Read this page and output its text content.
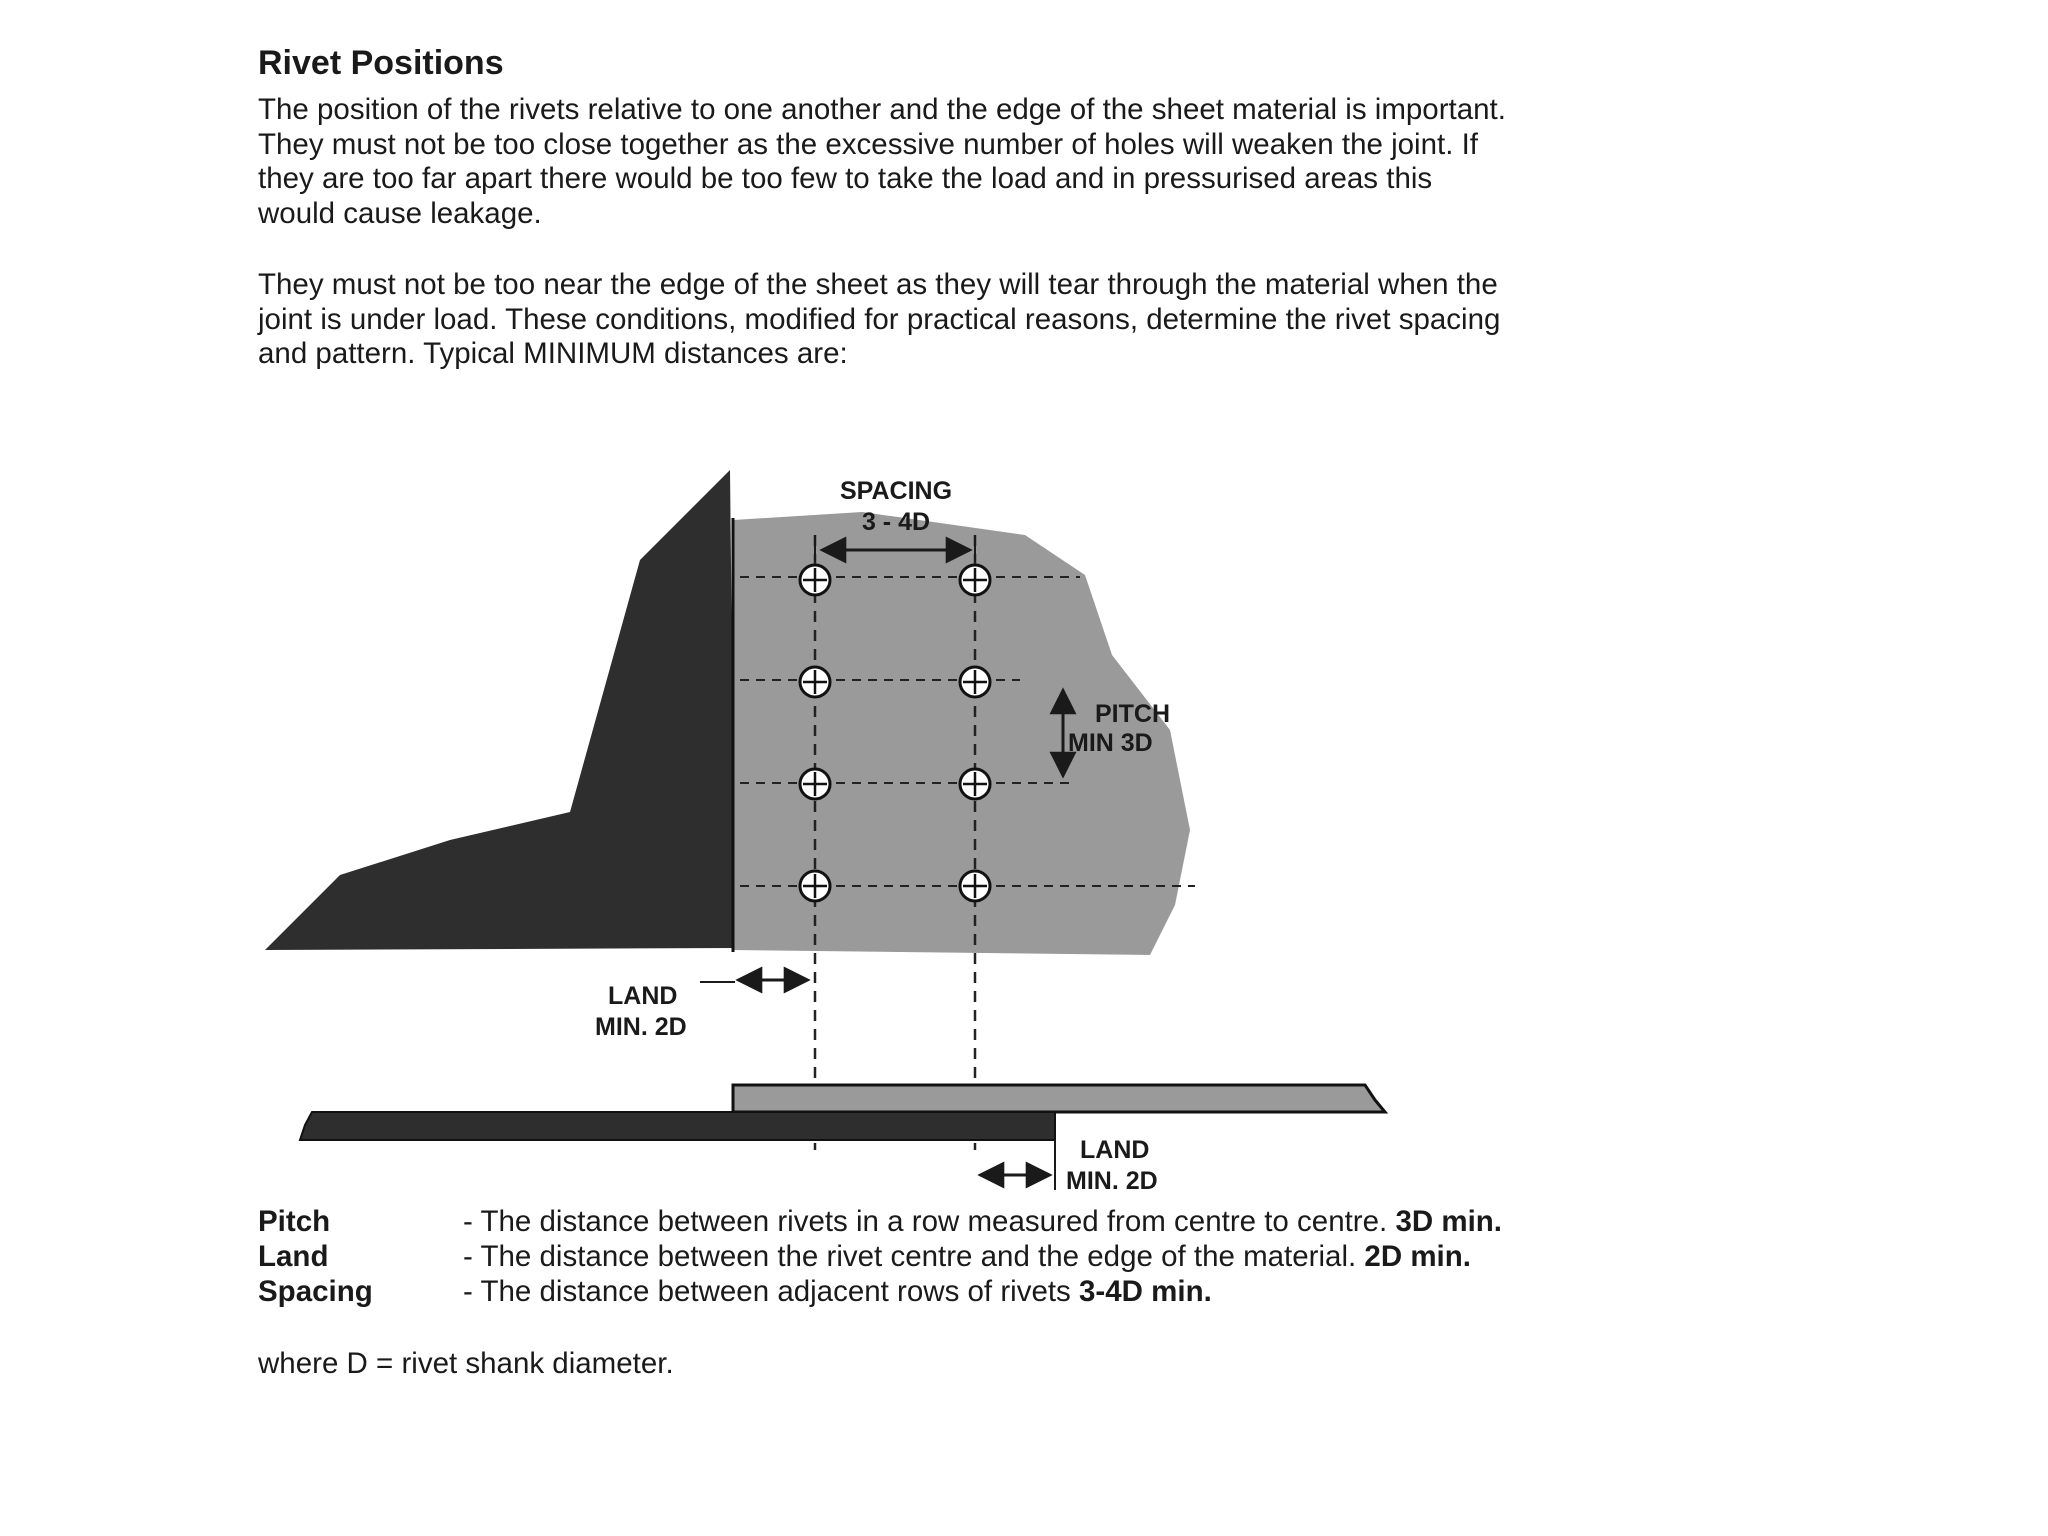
Rivet Positions

The position of the rivets relative to one another and the edge of the sheet material is important.
They must not be too close together as the excessive number of holes will weaken the joint. If
they are too far apart there would be too few to take the load and in pressurised areas this
would cause leakage.

They must not be too near the edge of the sheet as they will tear through the material when the
joint is under load. These conditions, modified for practical reasons, determine the rivet spacing
and pattern. Typical MINIMUM distances are:

SPACING
3 - 4D
PITCH
MIN 3D
LAND
MIN. 2D
LAND
MIN. 2D
Pitch	- The distance between rivets in a row measured from centre to centre. 3D min.
Land	- The distance between the rivet centre and the edge of the material. 2D min.
Spacing	- The distance between adjacent rows of rivets 3-4D min.

where D = rivet shank diameter.
